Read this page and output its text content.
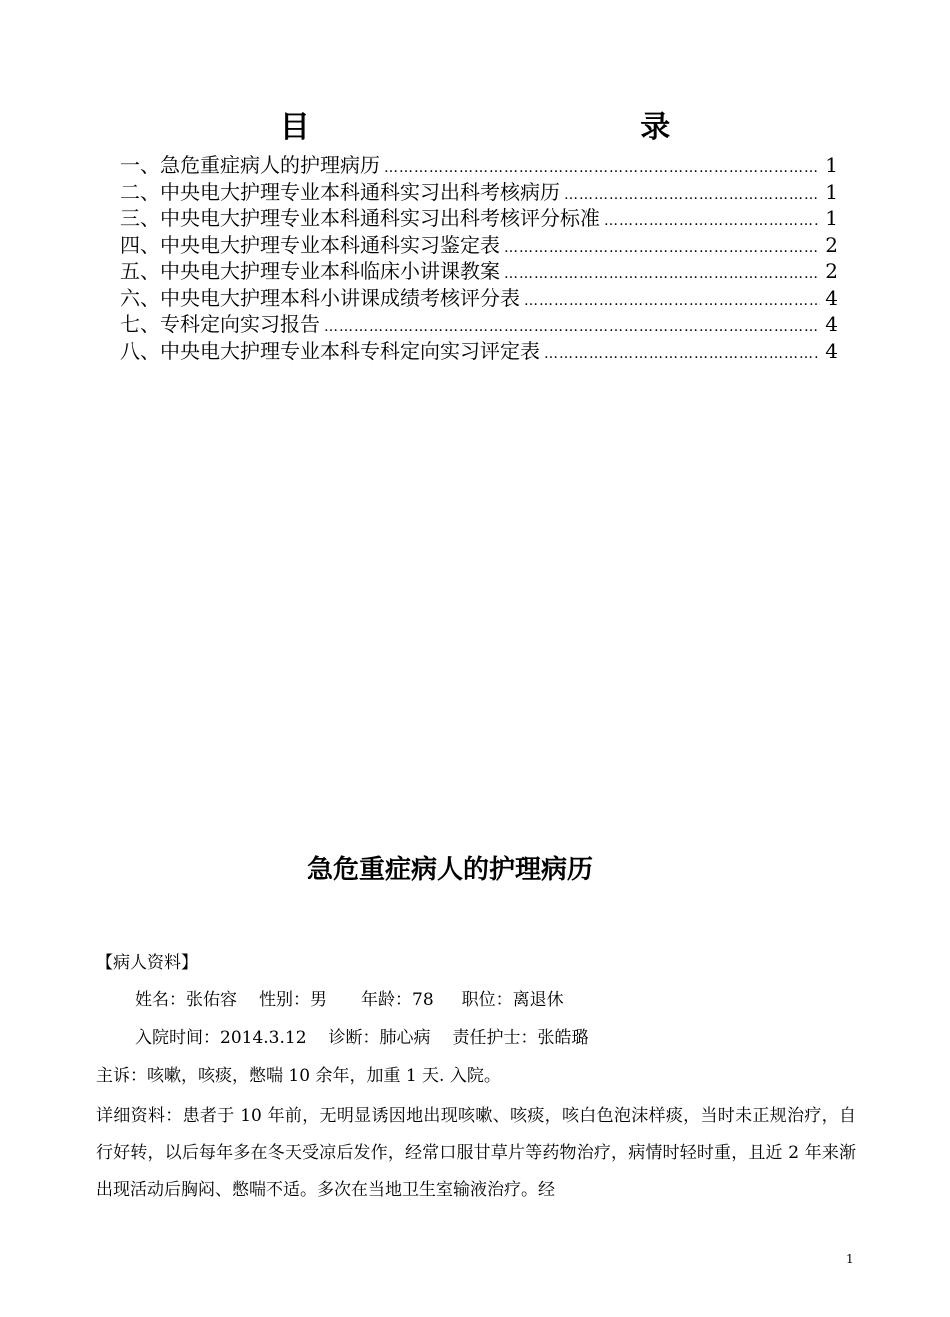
目 录
一、急危重症病人的护理病历 ……………………………………………………………………………………………………………………………	1
二、中央电大护理专业本科通科实习出科考核病历 ……………………………………………………………………………………………………………………………	1
三、中央电大护理专业本科通科实习出科考核评分标准 ……………………………………………………………………………………………………………………………	1
四、中央电大护理专业本科通科实习鉴定表 ……………………………………………………………………………………………………………………………	2
五、中央电大护理专业本科临床小讲课教案 ……………………………………………………………………………………………………………………………	2
六、中央电大护理本科小讲课成绩考核评分表 ……………………………………………………………………………………………………………………………	4
七、专科定向实习报告 ……………………………………………………………………………………………………………………………	4
八、中央电大护理专业本科专科定向实习评定表 ……………………………………………………………………………………………………………………………	4
急危重症病人的护理病历
【病人资料】
姓名：张佑容 性别：男 年龄：78 职位：离退休
入院时间：2014.3.12 诊断：肺心病 责任护士：张皓璐
主诉：咳嗽，咳痰，憋喘 10 余年，加重 1 天. 入院。
详细资料：患者于 10 年前，无明显诱因地出现咳嗽、咳痰，咳白色泡沫样痰，当时未正规治疗，自行好转，以后每年多在冬天受凉后发作，经常口服甘草片等药物治疗，病情时轻时重，且近 2 年来渐出现活动后胸闷、憋喘不适。多次在当地卫生室输液治疗。经
1
